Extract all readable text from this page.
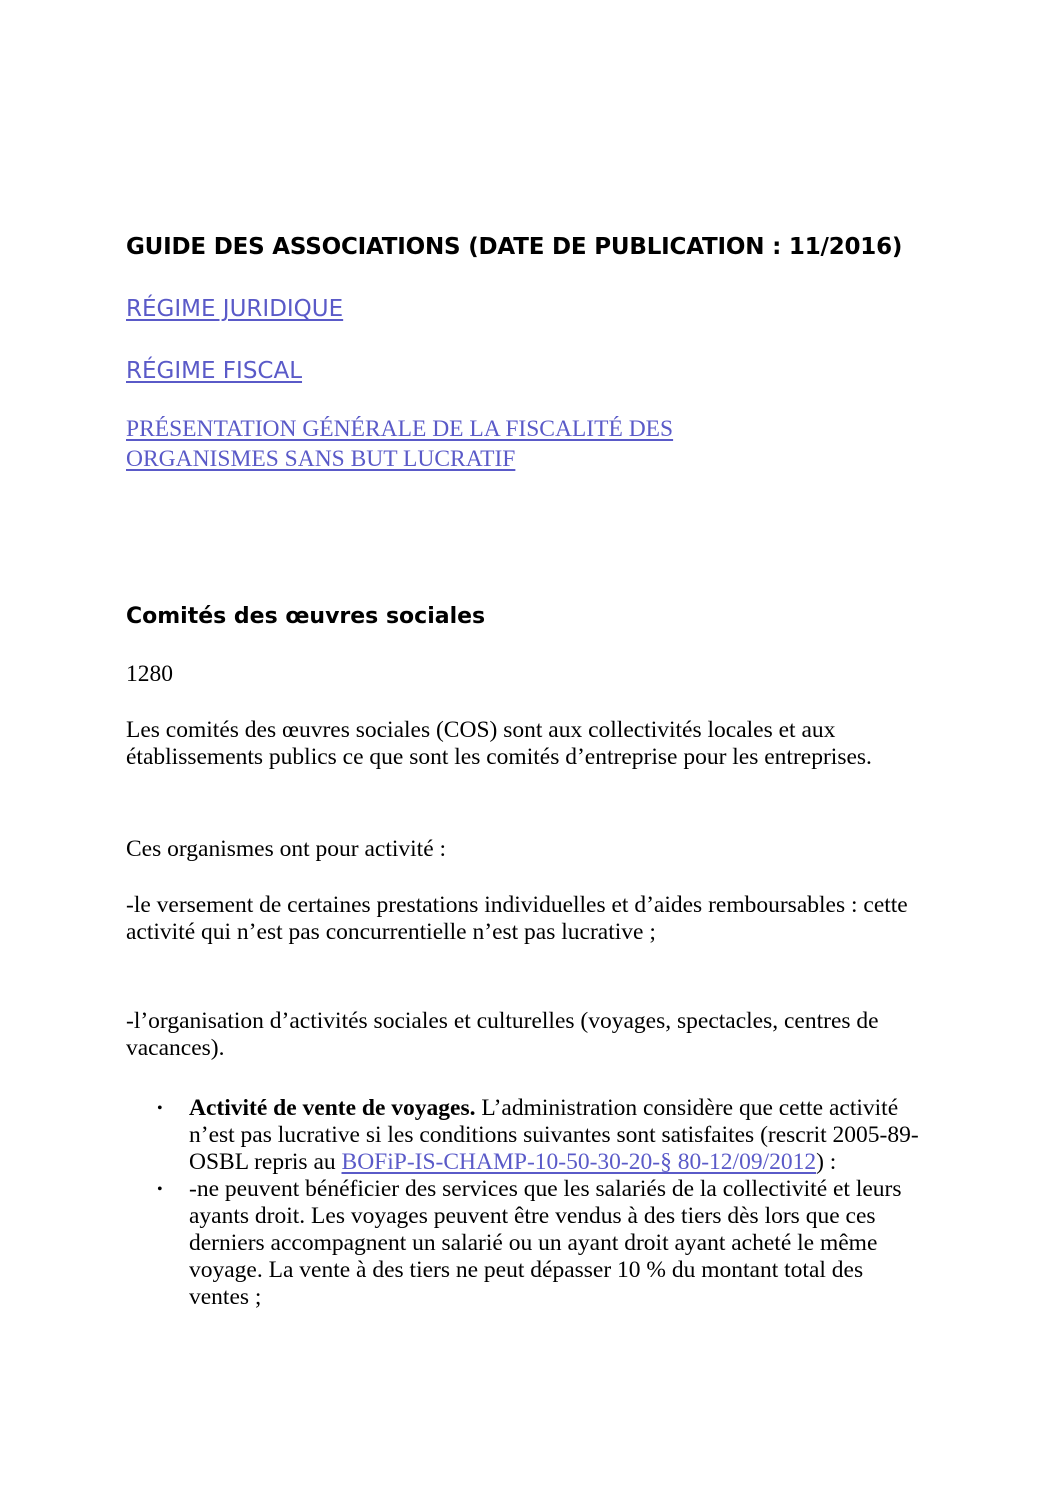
GUIDE DES ASSOCIATIONS (DATE DE PUBLICATION : 11/2016)
RÉGIME JURIDIQUE
RÉGIME FISCAL
PRÉSENTATION GÉNÉRALE DE LA FISCALITÉ DES ORGANISMES SANS BUT LUCRATIF
Comités des œuvres sociales

1280

Les comités des œuvres sociales (COS) sont aux collectivités locales et aux établissements publics ce que sont les comités d’entreprise pour les entreprises.

Ces organismes ont pour activité :

-le versement de certaines prestations individuelles et d’aides remboursables : cette activité qui n’est pas concurrentielle n’est pas lucrative ;

-l’organisation d’activités sociales et culturelles (voyages, spectacles, centres de vacances).

• Activité de vente de voyages. L’administration considère que cette activité n’est pas lucrative si les conditions suivantes sont satisfaites (rescrit 2005-89-OSBL repris au BOFiP-IS-CHAMP-10-50-30-20-§ 80-12/09/2012) :
• -ne peuvent bénéficier des services que les salariés de la collectivité et leurs ayants droit. Les voyages peuvent être vendus à des tiers dès lors que ces derniers accompagnent un salarié ou un ayant droit ayant acheté le même voyage. La vente à des tiers ne peut dépasser 10 % du montant total des ventes ;
